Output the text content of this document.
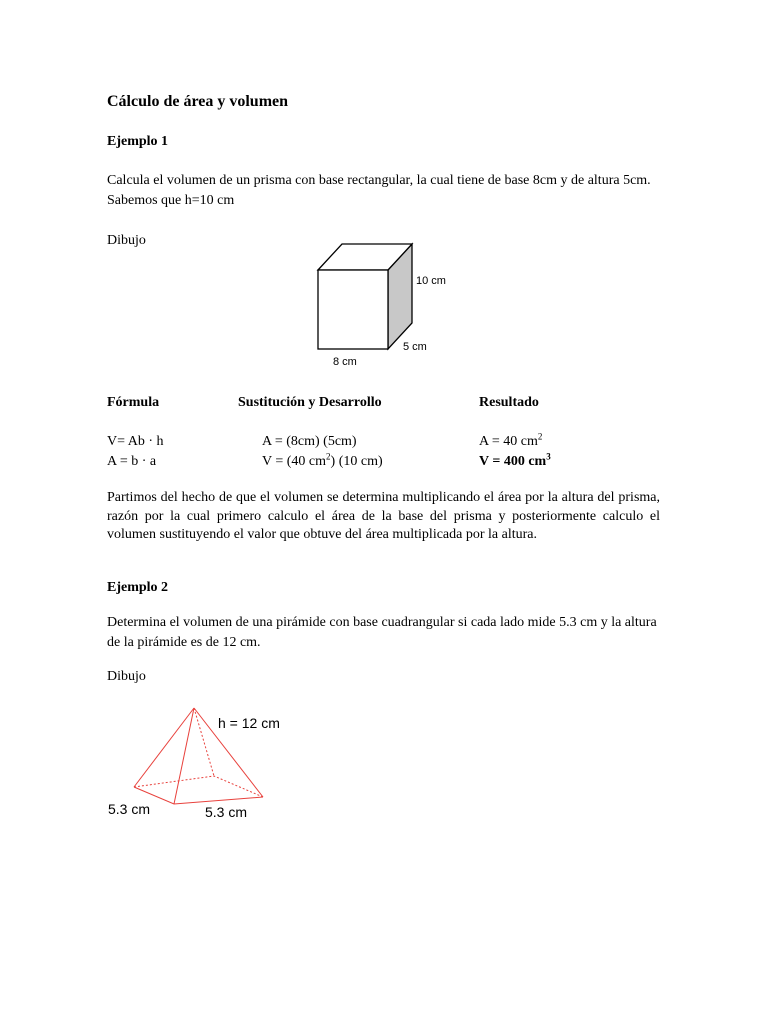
Cálculo de área y volumen
Ejemplo 1
Calcula el volumen de un prisma con base rectangular, la cual tiene de base 8cm y de altura 5cm. Sabemos que h=10 cm
Dibujo
10 cm
5 cm
8 cm
Fórmula	Sustitución y Desarrollo	Resultado
V= Ab · h	A = (8cm) (5cm)	A = 40 $cm^2$
A = b · a	V = (40 $cm^2$) (10 cm)	V = 400 $cm^3$
Partimos del hecho de que el volumen se determina multiplicando el área por la altura del prisma, razón por la cual primero calculo el área de la base del prisma y posteriormente calculo el volumen sustituyendo el valor que obtuve del área multiplicada por la altura.
Ejemplo 2
Determina el volumen de una pirámide con base cuadrangular si cada lado mide 5.3 cm y la altura de la pirámide es de 12 cm.
Dibujo
h = 12 cm
5.3 cm	5.3 cm
